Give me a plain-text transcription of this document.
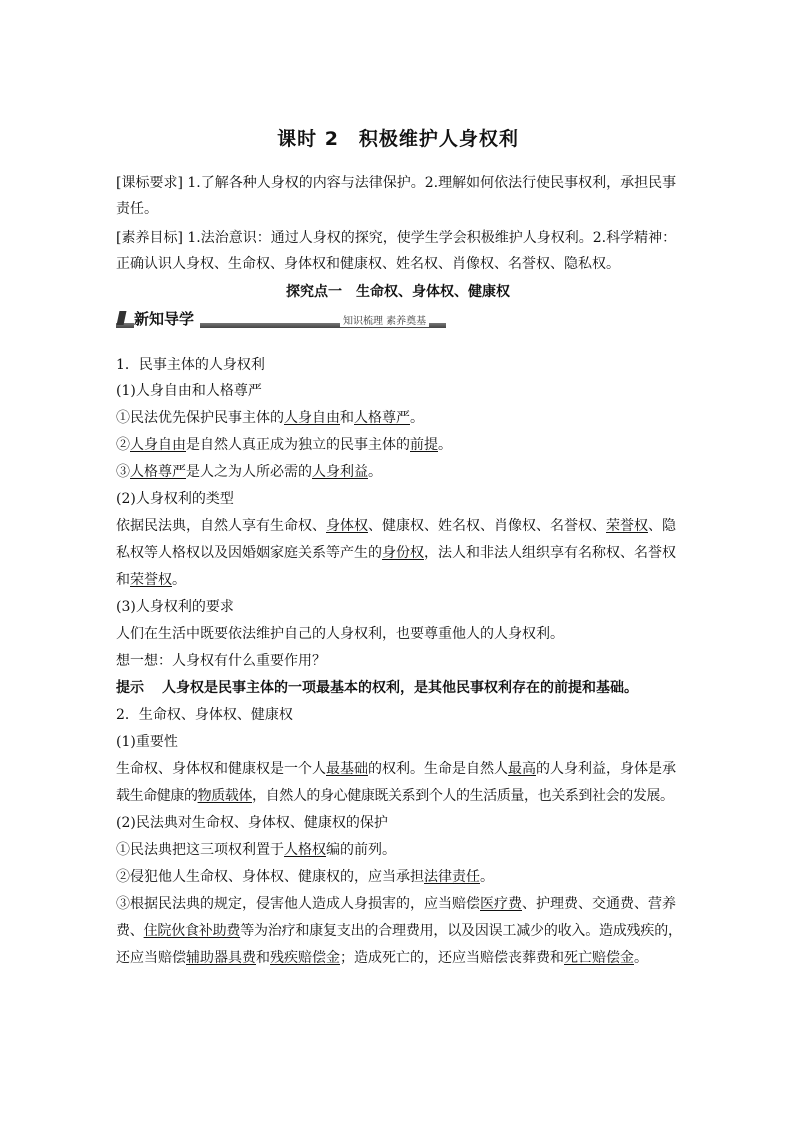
课时 2　积极维护人身权利
[课标要求] 1.了解各种人身权的内容与法律保护。2.理解如何依法行使民事权利，承担民事
责任。
[素养目标] 1.法治意识：通过人身权的探究，使学生学会积极维护人身权利。2.科学精神：
正确认识人身权、生命权、身体权和健康权、姓名权、肖像权、名誉权、隐私权。
探究点一　生命权、身体权、健康权
新知导学	知识梳理 素养奠基
1．民事主体的人身权利
(1)人身自由和人格尊严
①民法优先保护民事主体的人身自由和人格尊严。
②人身自由是自然人真正成为独立的民事主体的前提。
③人格尊严是人之为人所必需的人身利益。
(2)人身权利的类型
依据民法典，自然人享有生命权、身体权、健康权、姓名权、肖像权、名誉权、荣誉权、隐
私权等人格权以及因婚姻家庭关系等产生的身份权，法人和非法人组织享有名称权、名誉权
和荣誉权。
(3)人身权利的要求
人们在生活中既要依法维护自己的人身权利，也要尊重他人的人身权利。
想一想：人身权有什么重要作用？
提示 人身权是民事主体的一项最基本的权利，是其他民事权利存在的前提和基础。
2．生命权、身体权、健康权
(1)重要性
生命权、身体权和健康权是一个人最基础的权利。生命是自然人最高的人身利益，身体是承
载生命健康的物质载体，自然人的身心健康既关系到个人的生活质量，也关系到社会的发展。
(2)民法典对生命权、身体权、健康权的保护
①民法典把这三项权利置于人格权编的前列。
②侵犯他人生命权、身体权、健康权的，应当承担法律责任。
③根据民法典的规定，侵害他人造成人身损害的，应当赔偿医疗费、护理费、交通费、营养
费、住院伙食补助费等为治疗和康复支出的合理费用，以及因误工减少的收入。造成残疾的，
还应当赔偿辅助器具费和残疾赔偿金；造成死亡的，还应当赔偿丧葬费和死亡赔偿金。
